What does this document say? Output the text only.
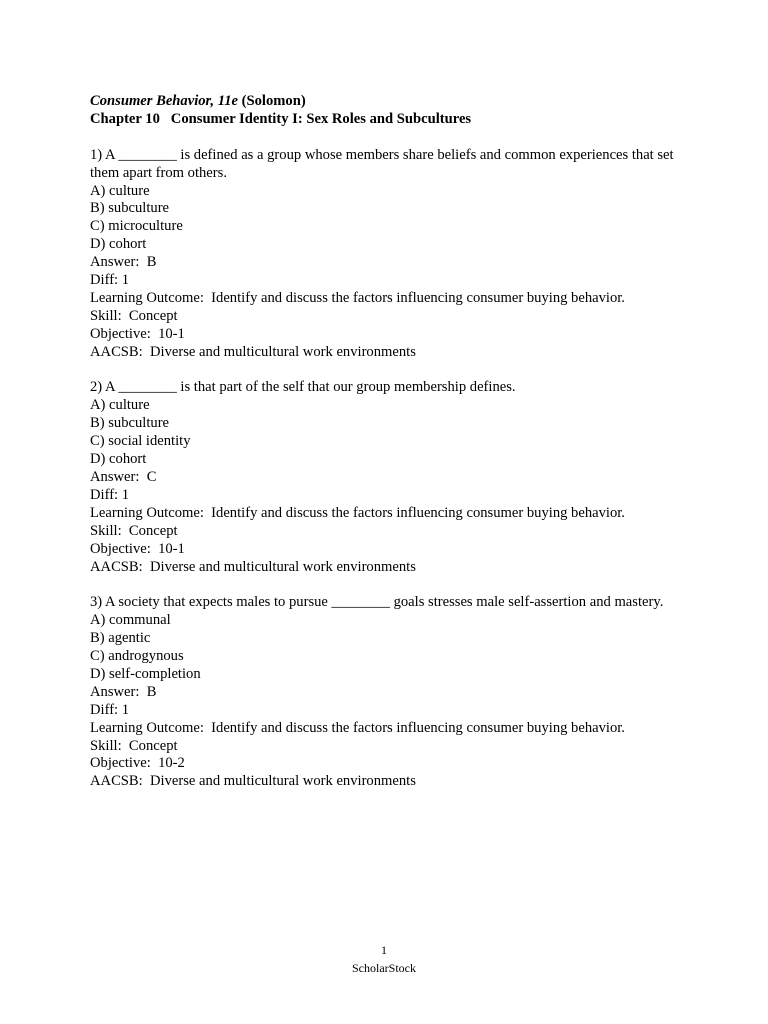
Consumer Behavior, 11e (Solomon)
Chapter 10   Consumer Identity I: Sex Roles and Subcultures
1) A ________ is defined as a group whose members share beliefs and common experiences that set them apart from others.
A) culture
B) subculture
C) microculture
D) cohort
Answer:  B
Diff: 1
Learning Outcome:  Identify and discuss the factors influencing consumer buying behavior.
Skill:  Concept
Objective:  10-1
AACSB:  Diverse and multicultural work environments
2) A ________ is that part of the self that our group membership defines.
A) culture
B) subculture
C) social identity
D) cohort
Answer:  C
Diff: 1
Learning Outcome:  Identify and discuss the factors influencing consumer buying behavior.
Skill:  Concept
Objective:  10-1
AACSB:  Diverse and multicultural work environments
3) A society that expects males to pursue ________ goals stresses male self-assertion and mastery.
A) communal
B) agentic
C) androgynous
D) self-completion
Answer:  B
Diff: 1
Learning Outcome:  Identify and discuss the factors influencing consumer buying behavior.
Skill:  Concept
Objective:  10-2
AACSB:  Diverse and multicultural work environments
1
ScholarStock
